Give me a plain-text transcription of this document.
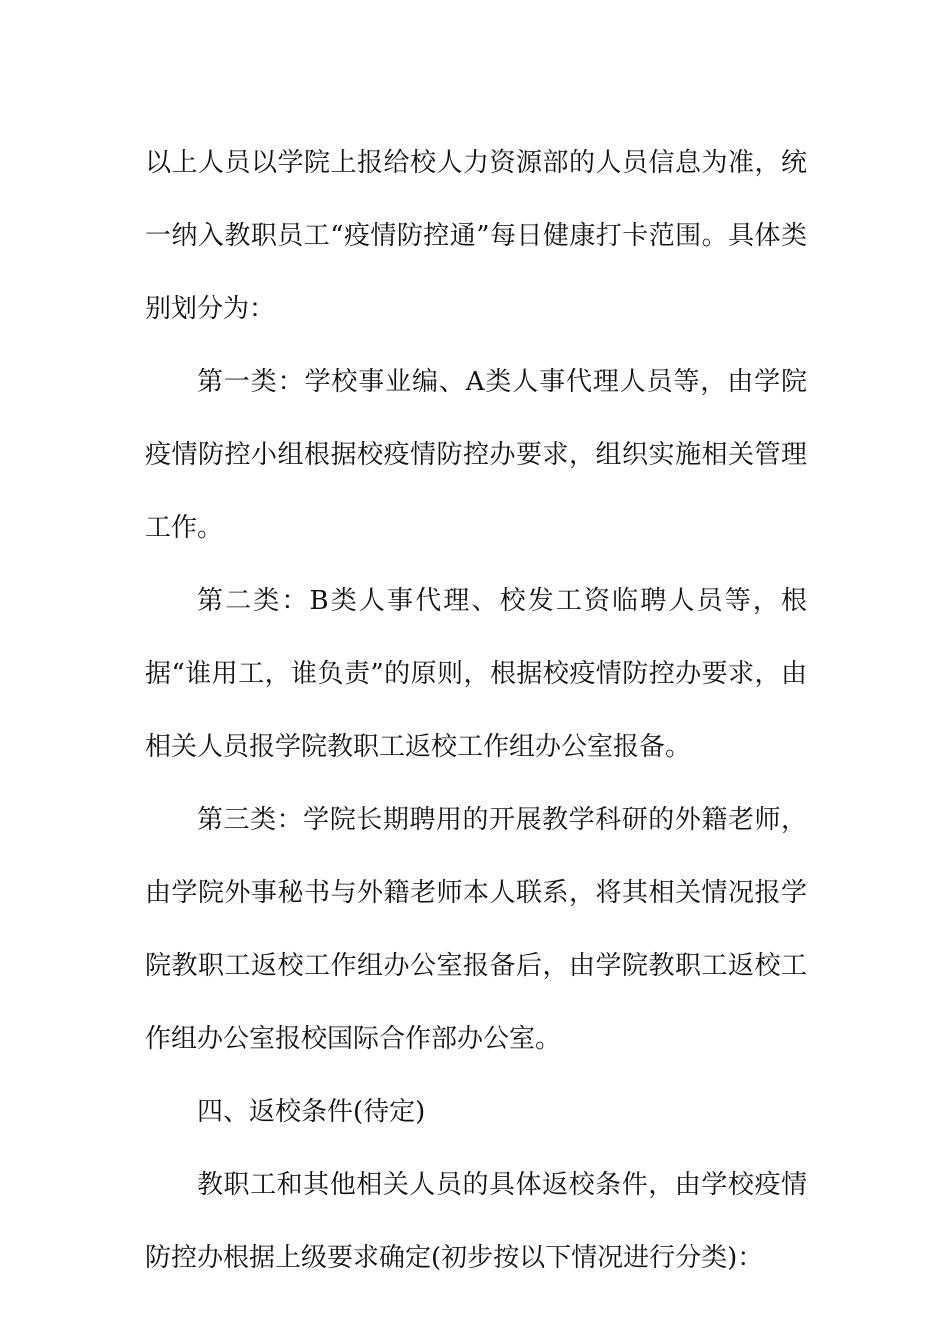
以上人员以学院上报给校人力资源部的人员信息为准，统一纳入教职员工“疫情防控通”每日健康打卡范围。具体类别划分为：

第一类：学校事业编、A类人事代理人员等，由学院疫情防控小组根据校疫情防控办要求，组织实施相关管理工作。

第二类：B类人事代理、校发工资临聘人员等，根据“谁用工，谁负责”的原则，根据校疫情防控办要求，由相关人员报学院教职工返校工作组办公室报备。

第三类：学院长期聘用的开展教学科研的外籍老师，由学院外事秘书与外籍老师本人联系，将其相关情况报学院教职工返校工作组办公室报备后，由学院教职工返校工作组办公室报校国际合作部办公室。

四、返校条件(待定)

教职工和其他相关人员的具体返校条件，由学校疫情防控办根据上级要求确定(初步按以下情况进行分类)：
